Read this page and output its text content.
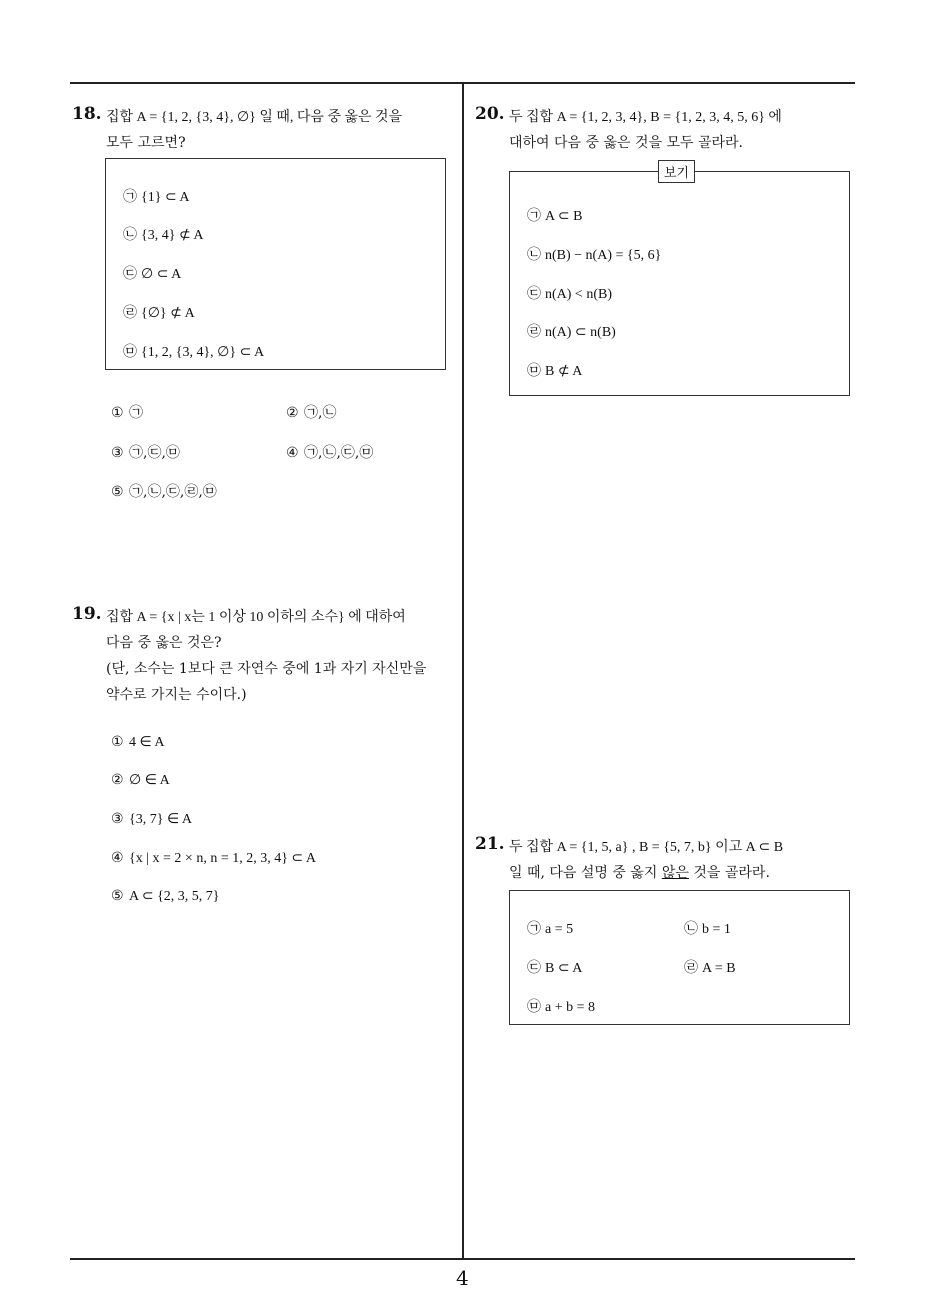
4
18. 집합 A = {1, 2, {3, 4}, ∅} 일 때, 다음 중 옳은 것을
모두 고르면?
㉠ {1} ⊂ A
㉡ {3, 4} ⊄ A
㉢ ∅ ⊂ A
㉣ {∅} ⊄ A
㉤ {1, 2, {3, 4}, ∅} ⊂ A
① ㉠	② ㉠,㉡
③ ㉠,㉢,㉤	④ ㉠,㉡,㉢,㉤
⑤ ㉠,㉡,㉢,㉣,㉤
19. 집합 A = {x | x는 1 이상 10 이하의 소수} 에 대하여
다음 중 옳은 것은?
(단, 소수는 1보다 큰 자연수 중에 1과 자기 자신만을
약수로 가지는 수이다.)
① 4 ∈ A
② ∅ ∈ A
③ {3, 7} ∈ A
④ {x | x = 2 × n, n = 1, 2, 3, 4} ⊂ A
⑤ A ⊂ {2, 3, 5, 7}
20. 두 집합 A = {1, 2, 3, 4}, B = {1, 2, 3, 4, 5, 6} 에
대하여 다음 중 옳은 것을 모두 골라라.
보기
㉠ A ⊂ B
㉡ n(B) − n(A) = {5, 6}
㉢ n(A) < n(B)
㉣ n(A) ⊂ n(B)
㉤ B ⊄ A
21. 두 집합 A = {1, 5, a} , B = {5, 7, b} 이고 A ⊂ B
일 때, 다음 설명 중 옳지 않은 것을 골라라.
㉠ a = 5	㉡ b = 1
㉢ B ⊂ A	㉣ A = B
㉤ a + b = 8
